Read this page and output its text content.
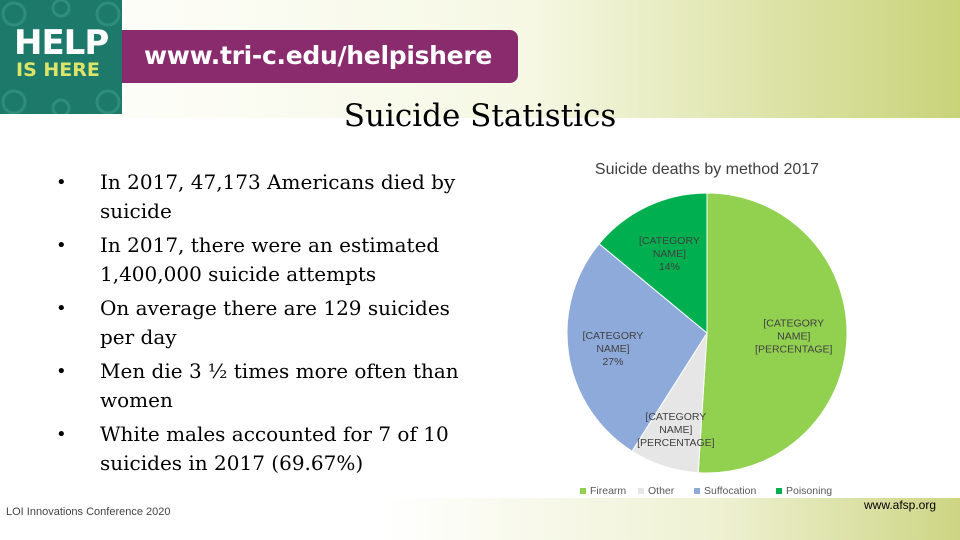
HELP
IS HERE www.tri-c.edu/helpishere
Suicide Statistics
• In 2017, 47,173 Americans died by suicide
• In 2017, there were an estimated 1,400,000 suicide attempts
• On average there are 129 suicides per day
• Men die 3 ½ times more often than women
• White males accounted for 7 of 10 suicides in 2017 (69.67%)
Suicide deaths by method 2017
[CATEGORY NAME] [PERCENTAGE]
[CATEGORY NAME] [PERCENTAGE]
[CATEGORY NAME] 27%
[CATEGORY NAME] 14%
Firearm Other	Suffocation	Poisoning
LOI Innovations Conference 2020	www.afsp.org
